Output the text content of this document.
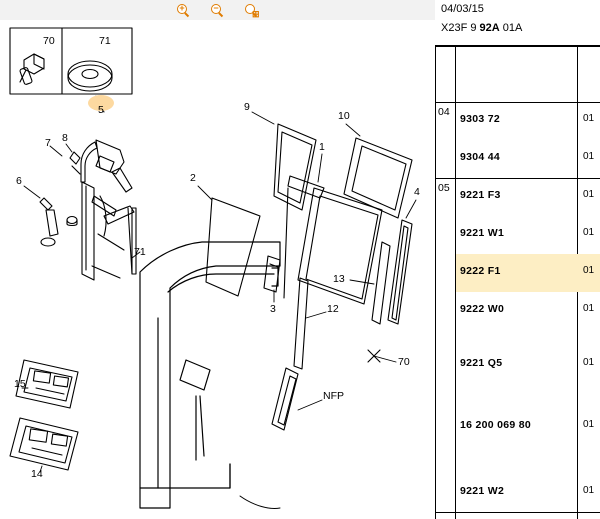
+	−
⊞	04/03/15
X23F 9 92A 01A
04
9303 72	01
9304 44	01
05
9221 F3	01
9221 W1	01
9222 F1	01
9222 W0	01
9221 Q5	01
16 200 069 80	01
9221 W2	01
70	71
5
7 8
6
9
10
1
2
4
71
13
3	12
70
15
14
NFP
